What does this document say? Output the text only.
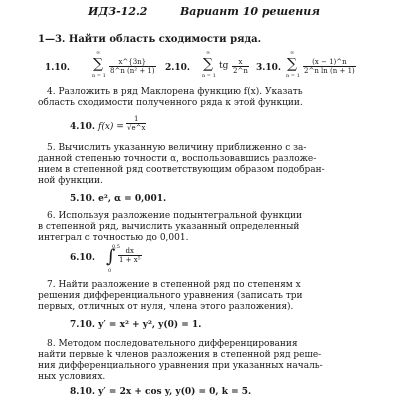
ИДЗ-12.2	Вариант 10 решения
1—3. Найти область сходимости ряда.
1.10.
∞
∑
n = 1
$\frac{x\^{}\{3n\}}{\text{8\textasciicircum{}n (n² + 1)}} 2.10$.
∞
∑
n = 1
tg $\frac{x}{2\^{}n} 3.10$.
∞
∑
n = 1
$\frac{(x - 1)\^{}n}{\text{2\textasciicircum{}n ln (n + 1)}}$
4. Разложить в ряд Маклорена функцию f(x). Указать
область сходимости полученного ряда к этой функции.
4.10. $f(x) = \frac{1}{√e\^{}x}$
5. Вычислить указанную величину приближенно с за-
данной степенью точности α, воспользовавшись разложе-
нием в степенной ряд соответствующим образом подобран-
ной функции.
5.10. e², α = 0,001.
6. Используя разложение подынтегральной функции
в степенной ряд, вычислить указанный определенный
интеграл с точностью до 0,001.
6.10.
0,5
∫
0
$\frac{dx}{\text{1 + x⁵}}$
7. Найти разложение в степенной ряд по степеням x
решения дифференциального уравнения (записать три
первых, отличных от нуля, члена этого разложения).
7.10. y′ = x² + y², y(0) = 1.
8. Методом последовательного дифференцирования
найти первые k членов разложения в степенной ряд реше-
ния дифференциального уравнения при указанных началь-
ных условиях.
8.10. y′ = 2x + cos y, y(0) = 0, k = 5.
